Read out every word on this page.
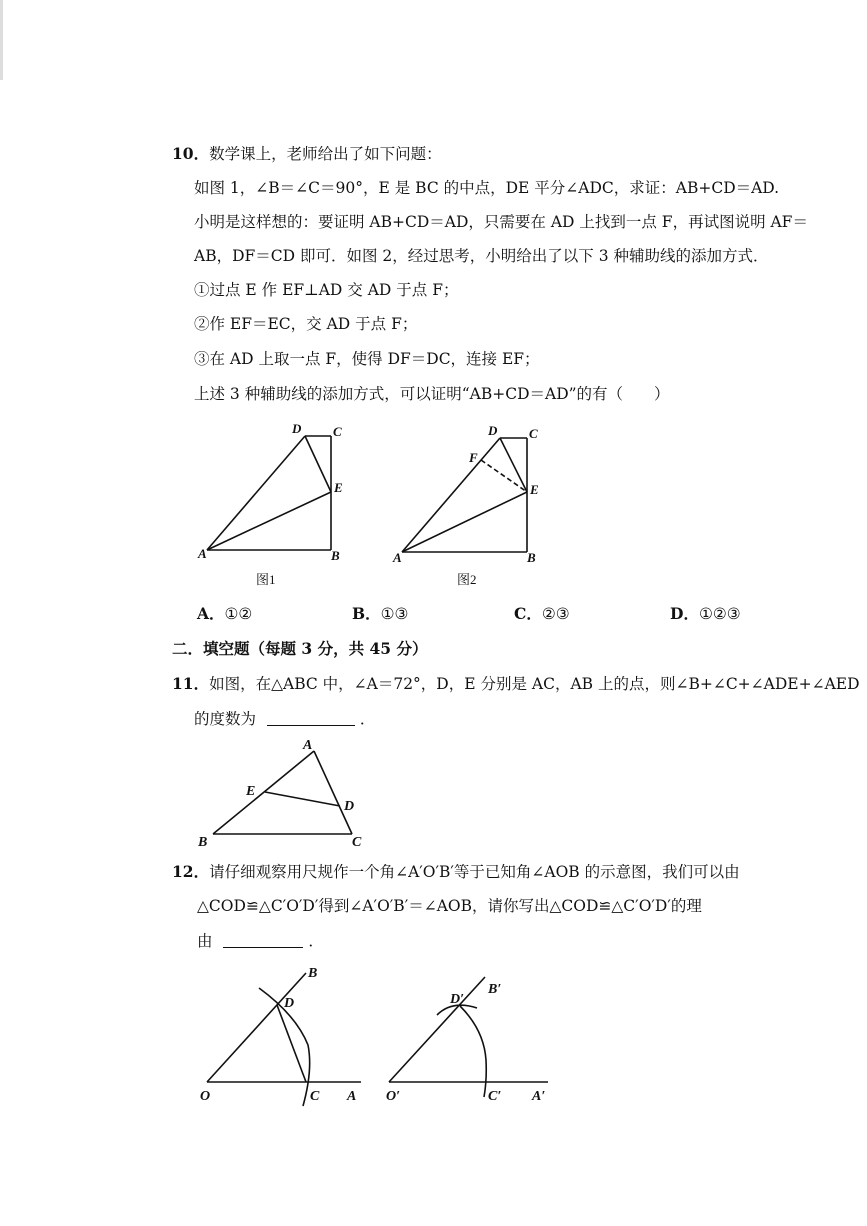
10．数学课上，老师给出了如下问题：
如图 1，∠B＝∠C＝90°，E 是 BC 的中点，DE 平分∠ADC，求证：AB+CD＝AD.
小明是这样想的：要证明 AB+CD＝AD，只需要在 AD 上找到一点 F，再试图说明 AF＝
AB，DF＝CD 即可．如图 2，经过思考，小明给出了以下 3 种辅助线的添加方式．
①过点 E 作 EF⊥AD 交 AD 于点 F；
②作 EF＝EC，交 AD 于点 F；
③在 AD 上取一点 F，使得 DF＝DC，连接 EF；
上述 3 种辅助线的添加方式，可以证明“AB+CD＝AD”的有（　　）
D C
E
A	B
图1
D C
F
E
A	B
图2
A．①②	B．①③	C．②③	D．①②③
二．填空题（每题 3 分，共 45 分）
11．如图，在△ABC 中，∠A＝72°，D，E 分别是 AC，AB 上的点，则∠B+∠C+∠ADE+∠AED
的度数为	．
A
E
D
B	C
12．请仔细观察用尺规作一个角∠A′O′B′等于已知角∠AOB 的示意图，我们可以由
△COD≌△C′O′D′得到∠A′O′B′＝∠AOB，请你写出△COD≌△C′O′D′的理
由	．
B
D
O	C A
B′
D′
O′	C′ A′
